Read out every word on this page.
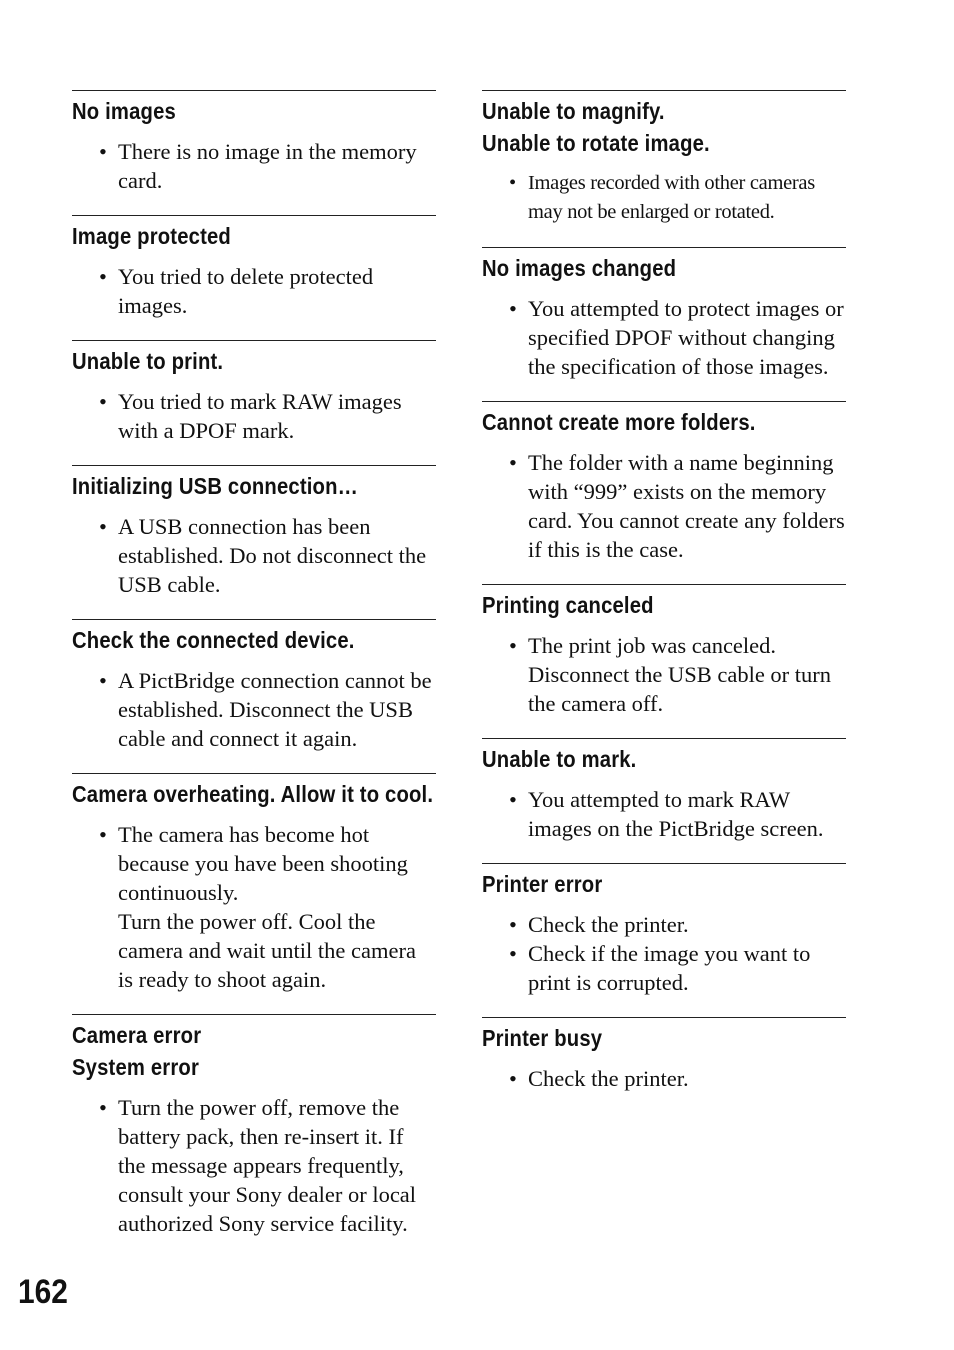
No images
• There is no image in the memory card.
Image protected
• You tried to delete protected images.
Unable to print.
• You tried to mark RAW images with a DPOF mark.
Initializing USB connection…
• A USB connection has been established. Do not disconnect the USB cable.
Check the connected device.
• A PictBridge connection cannot be established. Disconnect the USB cable and connect it again.
Camera overheating. Allow it to cool.
• The camera has become hot because you have been shooting continuously.
Turn the power off. Cool the camera and wait until the camera is ready to shoot again.
Camera error
System error
• Turn the power off, remove the battery pack, then re-insert it. If the message appears frequently, consult your Sony dealer or local authorized Sony service facility.
Unable to magnify.
Unable to rotate image.
• Images recorded with other cameras may not be enlarged or rotated.
No images changed
• You attempted to protect images or specified DPOF without changing the specification of those images.
Cannot create more folders.
• The folder with a name beginning with “999” exists on the memory card. You cannot create any folders if this is the case.
Printing canceled
• The print job was canceled. Disconnect the USB cable or turn the camera off.
Unable to mark.
• You attempted to mark RAW images on the PictBridge screen.
Printer error
• Check the printer.
• Check if the image you want to print is corrupted.
Printer busy
• Check the printer.
162
